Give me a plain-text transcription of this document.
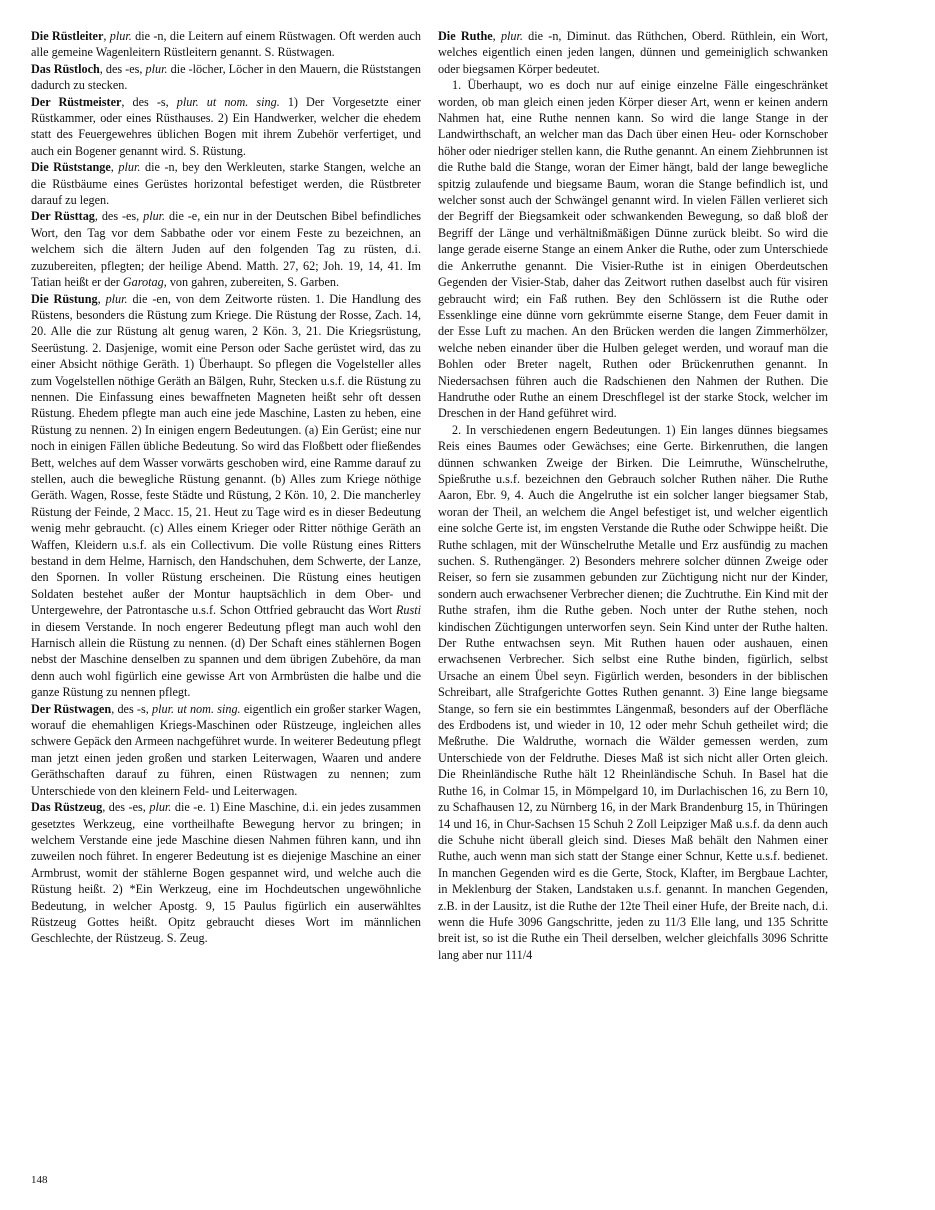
Die Rüstleiter, plur. die -n, die Leitern auf einem Rüstwagen. Oft werden auch alle gemeine Wagenleitern Rüstleitern genannt. S. Rüstwagen.

Das Rüstloch, des -es, plur. die -löcher, Löcher in den Mauern, die Rüststangen dadurch zu stecken.

Der Rüstmeister, des -s, plur. ut nom. sing. 1) Der Vorgesetzte einer Rüstkammer, oder eines Rüsthauses. 2) Ein Handwerker, welcher die ehedem statt des Feuergewehres üblichen Bogen mit ihrem Zubehör verfertiget, und auch ein Bogener genannt wird. S. Rüstung.

Die Rüststange, plur. die -n, bey den Werkleuten, starke Stangen, welche an die Rüstbäume eines Gerüstes horizontal befestiget werden, die Rüstbreter darauf zu legen.

Der Rüsttag, des -es, plur. die -e, ein nur in der Deutschen Bibel befindliches Wort, den Tag vor dem Sabbathe oder vor einem Feste zu bezeichnen, an welchem sich die ältern Juden auf den folgenden Tag zu rüsten, d.i. zuzubereiten, pflegten; der heilige Abend. Matth. 27, 62; Joh. 19, 14, 41. Im Tatian heißt er der Garotag, von gahren, zubereiten, S. Garben.

Die Rüstung, plur. die -en, von dem Zeitworte rüsten. 1. Die Handlung des Rüstens, besonders die Rüstung zum Kriege. Die Rüstung der Rosse, Zach. 14, 20. Alle die zur Rüstung alt genug waren, 2 Kön. 3, 21. Die Kriegsrüstung, Seerüstung. 2. Dasjenige, womit eine Person oder Sache gerüstet wird, das zu einer Absicht nöthige Geräth. 1) Überhaupt. So pflegen die Vogelsteller alles zum Vogelstellen nöthige Geräth an Bälgen, Ruhr, Stecken u.s.f. die Rüstung zu nennen. Die Einfassung eines bewaffneten Magneten heißt sehr oft dessen Rüstung. Ehedem pflegte man auch eine jede Maschine, Lasten zu heben, eine Rüstung zu nennen. 2) In einigen engern Bedeutungen. (a) Ein Gerüst; eine nur noch in einigen Fällen übliche Bedeutung. So wird das Floßbett oder fließendes Bett, welches auf dem Wasser vorwärts geschoben wird, eine Ramme darauf zu stellen, auch die bewegliche Rüstung genannt. (b) Alles zum Kriege nöthige Geräth. Wagen, Rosse, feste Städte und Rüstung, 2 Kön. 10, 2. Die mancherley Rüstung der Feinde, 2 Macc. 15, 21. Heut zu Tage wird es in dieser Bedeutung wenig mehr gebraucht. (c) Alles einem Krieger oder Ritter nöthige Geräth an Waffen, Kleidern u.s.f. als ein Collectivum. Die volle Rüstung eines Ritters bestand in dem Helme, Harnisch, den Handschuhen, dem Schwerte, der Lanze, den Spornen. In voller Rüstung erscheinen. Die Rüstung eines heutigen Soldaten bestehet außer der Montur hauptsächlich in dem Ober- und Untergewehre, der Patrontasche u.s.f. Schon Ottfried gebraucht das Wort Rusti in diesem Verstande. In noch engerer Bedeutung pflegt man auch wohl den Harnisch allein die Rüstung zu nennen. (d) Der Schaft eines stählernen Bogen nebst der Maschine denselben zu spannen und dem übrigen Zubehöre, da man denn auch wohl figürlich eine gewisse Art von Armbrüsten die halbe und die ganze Rüstung zu nennen pflegt.

Der Rüstwagen, des -s, plur. ut nom. sing. eigentlich ein großer starker Wagen, worauf die ehemahligen Kriegs-Maschinen oder Rüstzeuge, ingleichen alles schwere Gepäck den Armeen nachgeführet wurde. In weiterer Bedeutung pflegt man jetzt einen jeden großen und starken Leiterwagen, Waaren und andere Geräthschaften darauf zu führen, einen Rüstwagen zu nennen; zum Unterschiede von den kleinern Feld- und Leiterwagen.

Das Rüstzeug, des -es, plur. die -e. 1) Eine Maschine, d.i. ein jedes zusammen gesetztes Werkzeug, eine vortheilhafte Bewegung hervor zu bringen; in welchem Verstande eine jede Maschine diesen Nahmen führen kann, und ihn zuweilen noch führet. In engerer Bedeutung ist es diejenige Maschine an einer Armbrust, womit der stählerne Bogen gespannet wird, und welche auch die Rüstung heißt. 2) *Ein Werkzeug, eine im Hochdeutschen ungewöhnliche Bedeutung, in welcher Apostg. 9, 15 Paulus figürlich ein auserwähltes Rüstzeug Gottes heißt. Opitz gebraucht dieses Wort im männlichen Geschlechte, der Rüstzeug. S. Zeug.

Die Ruthe, plur. die -n, Diminut. das Rüthchen, Oberd. Rüthlein, ein Wort, welches eigentlich einen jeden langen, dünnen und gemeiniglich schwanken oder biegsamen Körper bedeutet.

1. Überhaupt, wo es doch nur auf einige einzelne Fälle eingeschränket worden, ob man gleich einen jeden Körper dieser Art, wenn er keinen andern Nahmen hat, eine Ruthe nennen kann. So wird die lange Stange in der Landwirthschaft, an welcher man das Dach über einen Heu- oder Kornschober höher oder niedriger stellen kann, die Ruthe genannt. An einem Ziehbrunnen ist die Ruthe bald die Stange, woran der Eimer hängt, bald der lange bewegliche spitzig zulaufende und biegsame Baum, woran die Stange befindlich ist, und welcher sonst auch der Schwängel genannt wird. In vielen Fällen verlieret sich der Begriff der Biegsamkeit oder schwankenden Bewegung, so daß bloß der Begriff der Länge und verhältnißmäßigen Dünne zurück bleibt. So wird die lange gerade eiserne Stange an einem Anker die Ruthe, oder zum Unterschiede die Ankerruthe genannt. Die Visier-Ruthe ist in einigen Oberdeutschen Gegenden der Visier-Stab, daher das Zeitwort ruthen daselbst auch für visiren gebraucht wird; ein Faß ruthen. Bey den Schlössern ist die Ruthe oder Essenklinge eine dünne vorn gekrümmte eiserne Stange, dem Feuer damit in der Esse Luft zu machen. An den Brücken werden die langen Zimmerhölzer, welche neben einander über die Hulben geleget werden, und worauf man die Bohlen oder Breter nagelt, Ruthen oder Brückenruthen genannt. In Niedersachsen führen auch die Radschienen den Nahmen der Ruthen. Die Handruthe oder Ruthe an einem Dreschflegel ist der starke Stock, welcher im Dreschen in der Hand geführet wird.

2. In verschiedenen engern Bedeutungen. 1) Ein langes dünnes biegsames Reis eines Baumes oder Gewächses; eine Gerte. Birkenruthen, die langen dünnen schwanken Zweige der Birken. Die Leimruthe, Wünschelruthe, Spießruthe u.s.f. bezeichnen den Gebrauch solcher Ruthen näher. Die Ruthe Aaron, Ebr. 9, 4. Auch die Angelruthe ist ein solcher langer biegsamer Stab, woran der Theil, an welchem die Angel befestiget ist, und welcher eigentlich eine solche Gerte ist, im engsten Verstande die Ruthe oder Schwippe heißt. Die Ruthe schlagen, mit der Wünschelruthe Metalle und Erz ausfündig zu machen suchen. S. Ruthengänger. 2) Besonders mehrere solcher dünnen Zweige oder Reiser, so fern sie zusammen gebunden zur Züchtigung nicht nur der Kinder, sondern auch erwachsener Verbrecher dienen; die Zuchtruthe. Ein Kind mit der Ruthe strafen, ihm die Ruthe geben. Noch unter der Ruthe stehen, noch kindischen Züchtigungen unterworfen seyn. Sein Kind unter der Ruthe halten. Der Ruthe entwachsen seyn. Mit Ruthen hauen oder aushauen, einen erwachsenen Verbrecher. Sich selbst eine Ruthe binden, figürlich, selbst Ursache an einem Übel seyn. Figürlich werden, besonders in der biblischen Schreibart, alle Strafgerichte Gottes Ruthen genannt. 3) Eine lange biegsame Stange, so fern sie ein bestimmtes Längenmaß, besonders auf der Oberfläche des Erdbodens ist, und wieder in 10, 12 oder mehr Schuh getheilet wird; die Meßruthe. Die Waldruthe, wornach die Wälder gemessen werden, zum Unterschiede von der Feldruthe. Dieses Maß ist sich nicht aller Orten gleich. Die Rheinländische Ruthe hält 12 Rheinländische Schuh. In Basel hat die Ruthe 16, in Colmar 15, in Mömpelgard 10, im Durlachischen 16, zu Bern 10, zu Schafhausen 12, zu Nürnberg 16, in der Mark Brandenburg 15, in Thüringen 14 und 16, in Chur-Sachsen 15 Schuh 2 Zoll Leipziger Maß u.s.f. da denn auch die Schuhe nicht überall gleich sind. Dieses Maß behält den Nahmen einer Ruthe, auch wenn man sich statt der Stange einer Schnur, Kette u.s.f. bedienet. In manchen Gegenden wird es die Gerte, Stock, Klafter, im Bergbaue Lachter, in Meklenburg der Staken, Landstaken u.s.f. genannt. In manchen Gegenden, z.B. in der Lausitz, ist die Ruthe der 12te Theil einer Hufe, der Breite nach, d.i. wenn die Hufe 3096 Gangschritte, jeden zu 11/3 Elle lang, und 135 Schritte breit ist, so ist die Ruthe ein Theil derselben, welcher gleichfalls 3096 Schritte lang aber nur 111/4

148
